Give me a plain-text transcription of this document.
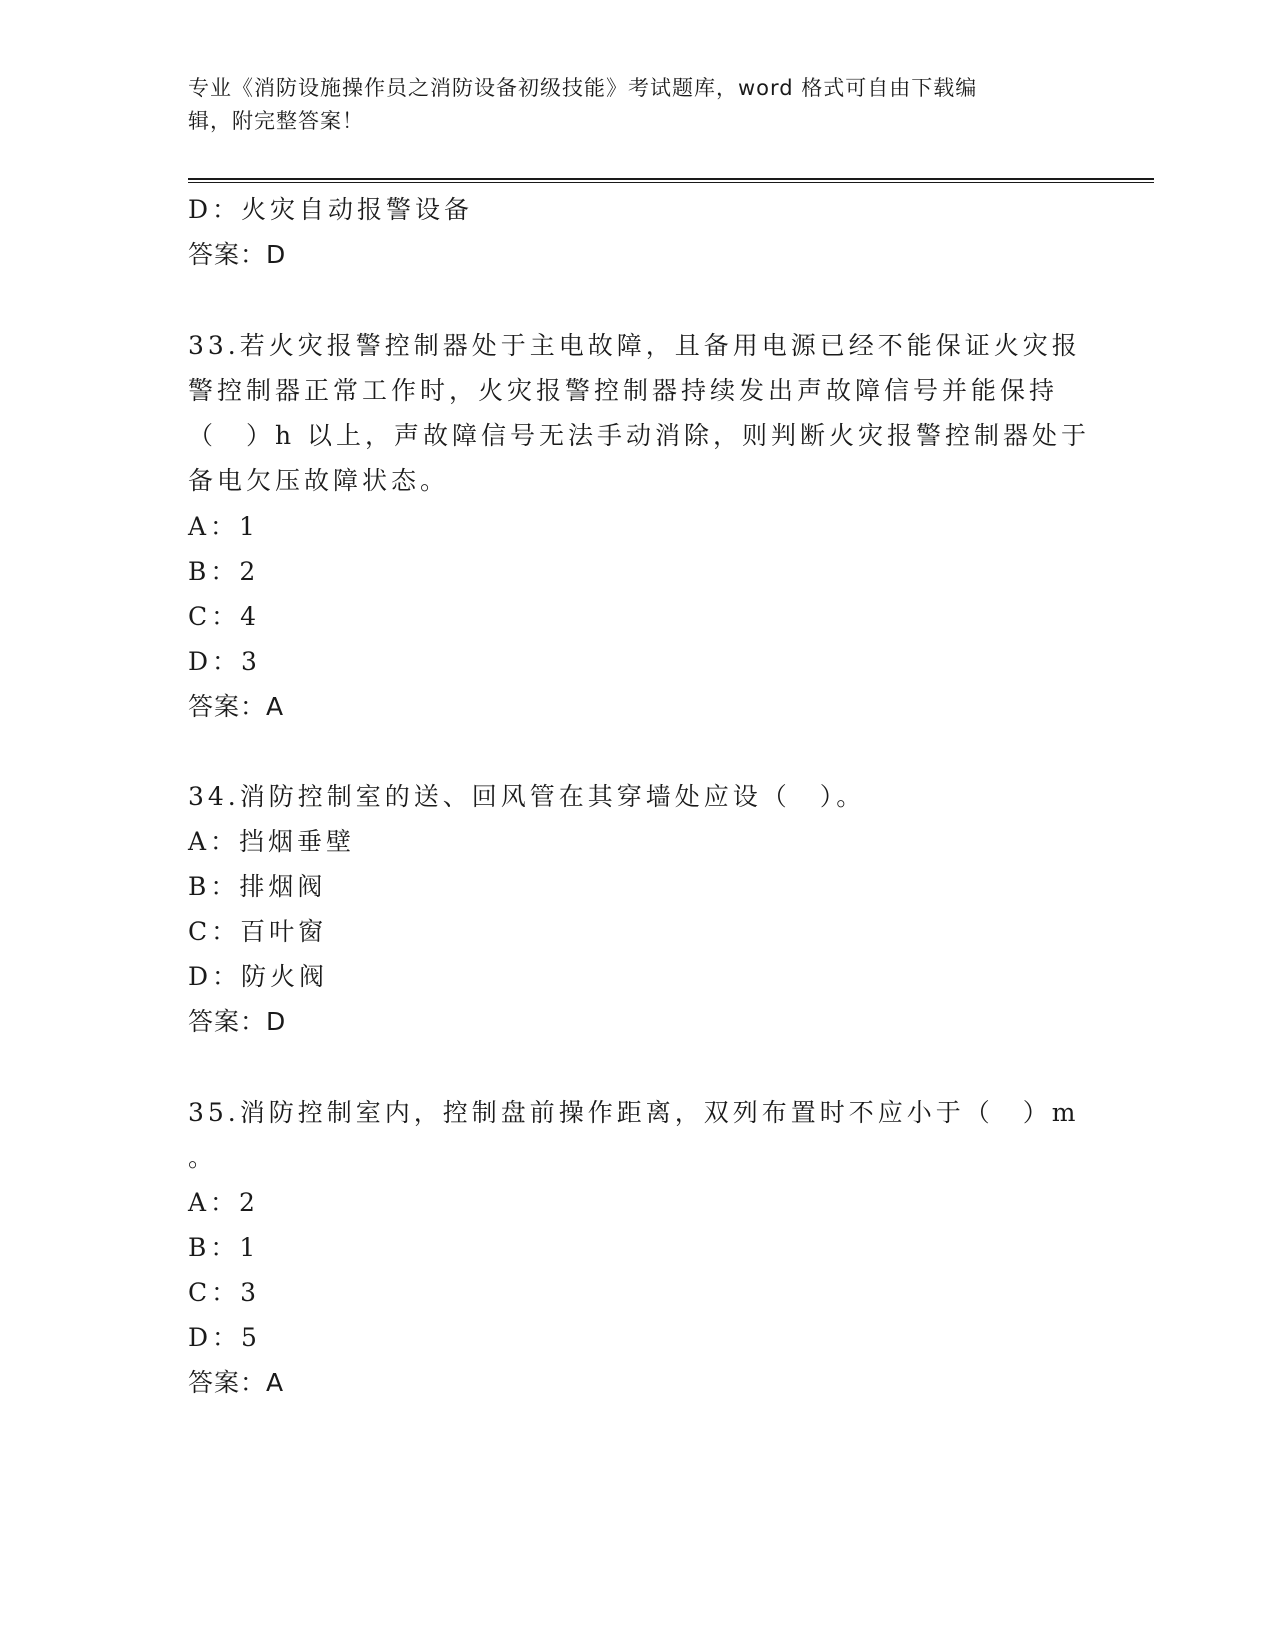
专业《消防设施操作员之消防设备初级技能》考试题库，word 格式可自由下载编
辑，附完整答案！
D：火灾自动报警设备
答案：D
33.若火灾报警控制器处于主电故障，且备用电源已经不能保证火灾报
警控制器正常工作时，火灾报警控制器持续发出声故障信号并能保持
（　）h 以上，声故障信号无法手动消除，则判断火灾报警控制器处于
备电欠压故障状态。
A：1
B：2
C：4
D：3
答案：A
34.消防控制室的送、回风管在其穿墙处应设（　）。
A：挡烟垂壁
B：排烟阀
C：百叶窗
D：防火阀
答案：D
35.消防控制室内，控制盘前操作距离，双列布置时不应小于（　）m
。
A：2
B：1
C：3
D：5
答案：A
